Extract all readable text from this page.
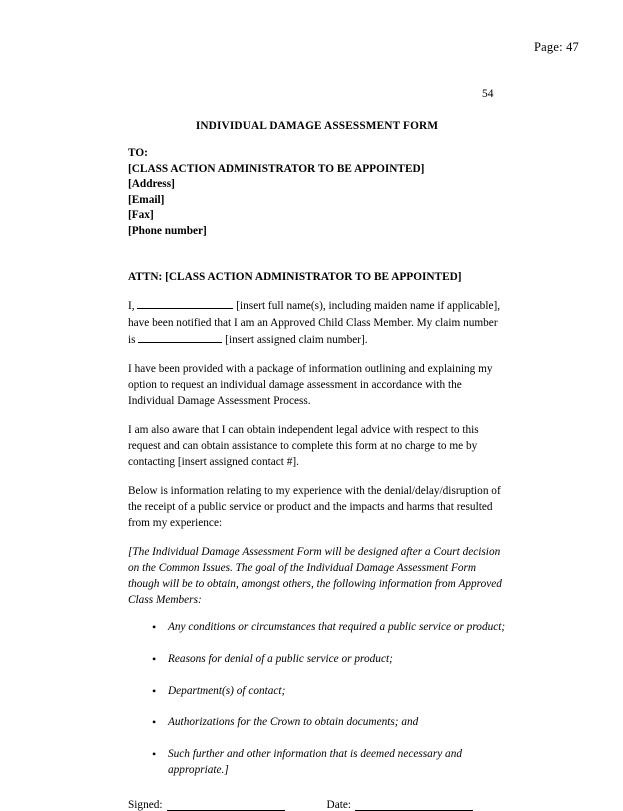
Page: 47
54
INDIVIDUAL DAMAGE ASSESSMENT FORM
TO:
[CLASS ACTION ADMINISTRATOR TO BE APPOINTED]
[Address]
[Email]
[Fax]
[Phone number]
ATTN: [CLASS ACTION ADMINISTRATOR TO BE APPOINTED]

I,	[insert full name(s), including maiden name if applicable], have been notified that I am an Approved Child Class Member. My claim number is	[insert assigned claim number].

I have been provided with a package of information outlining and explaining my option to request an individual damage assessment in accordance with the Individual Damage Assessment Process.

I am also aware that I can obtain independent legal advice with respect to this request and can obtain assistance to complete this form at no charge to me by contacting [insert assigned contact #].

Below is information relating to my experience with the denial/delay/disruption of the receipt of a public service or product and the impacts and harms that resulted from my experience:

[The Individual Damage Assessment Form will be designed after a Court decision on the Common Issues. The goal of the Individual Damage Assessment Form though will be to obtain, amongst others, the following information from Approved Class Members:

• Any conditions or circumstances that required a public service or product;
• Reasons for denial of a public service or product;
• Department(s) of contact;
• Authorizations for the Crown to obtain documents; and
• Such further and other information that is deemed necessary and appropriate.]
Signed:	Date:
